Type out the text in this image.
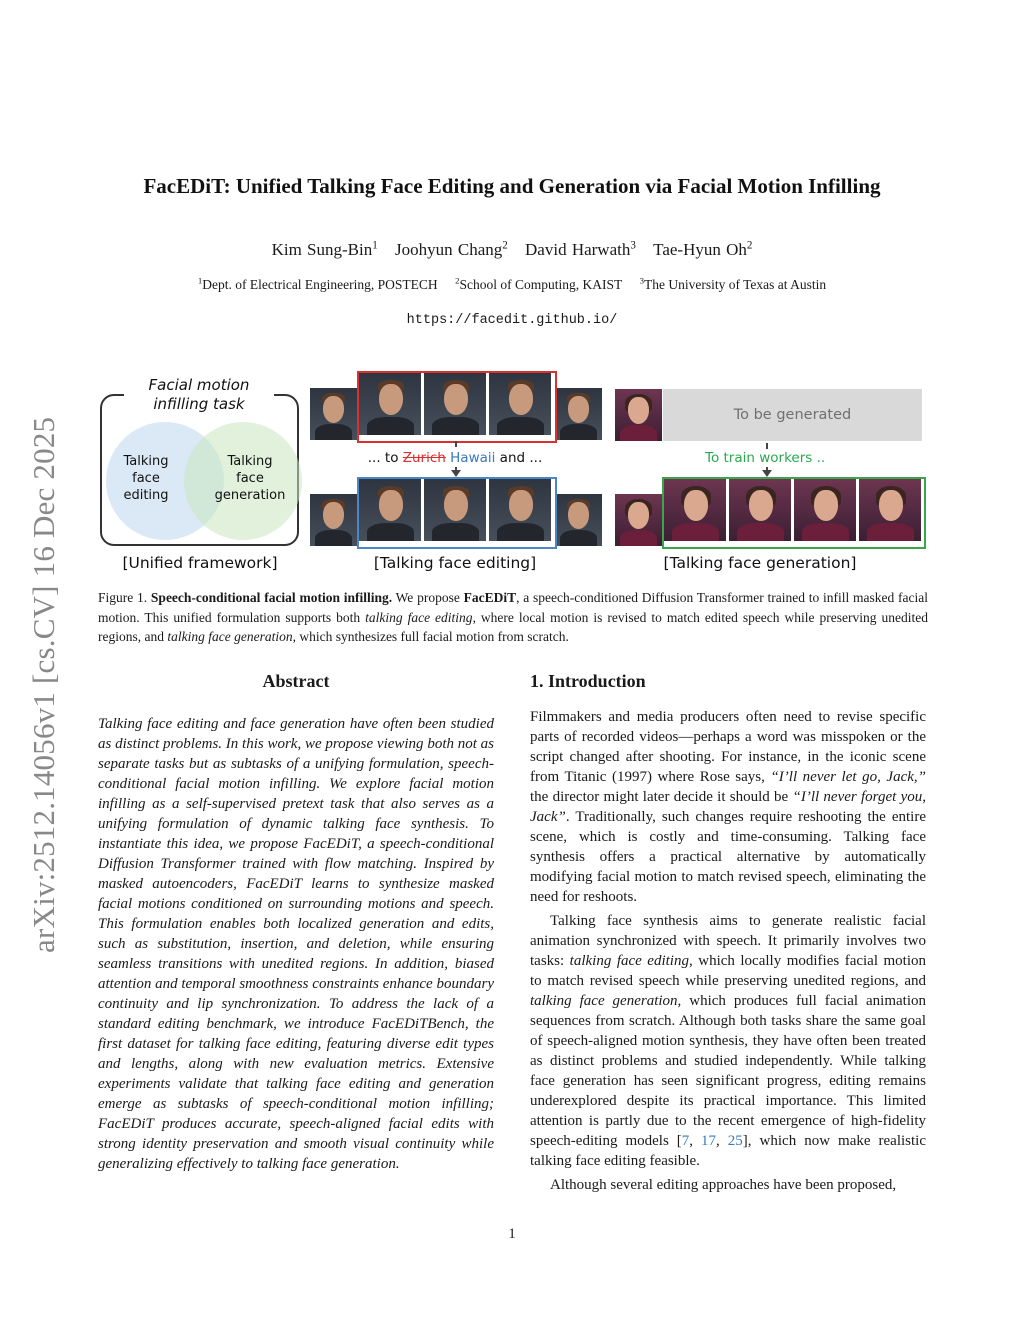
arXiv:2512.14056v1 [cs.CV] 16 Dec 2025
FacEDiT: Unified Talking Face Editing and Generation via Facial Motion Infilling
Kim Sung-Bin$^1$ Joohyun Chang$^2$ David Harwath$^3$ Tae-Hyun Oh$^2$
$^1$Dept. of Electrical Engineering, POSTECH $^2$School of Computing, KAIST $^3$The University of Texas at Austin
https://facedit.github.io/
Facial motion
infilling task
Talking
face
editing
Talking
face
generation
[Unified framework]
... to Zurich Hawaii and ...
[Talking face editing]
To be generated
To train workers ..
[Talking face generation]
Figure 1. Speech-conditional facial motion infilling. We propose FacEDiT, a speech-conditioned Diffusion Transformer trained to infill masked facial motion. This unified formulation supports both talking face editing, where local motion is revised to match edited speech while preserving unedited regions, and talking face generation, which synthesizes full facial motion from scratch.
Abstract	1. Introduction
Talking face editing and face generation have often been studied as distinct problems. In this work, we propose viewing both not as separate tasks but as subtasks of a unifying formulation, speech-conditional facial motion infilling. We explore facial motion infilling as a self-supervised pretext task that also serves as a unifying formulation of dynamic talking face synthesis. To instantiate this idea, we propose FacEDiT, a speech-conditional Diffusion Transformer trained with flow matching. Inspired by masked autoencoders, FacEDiT learns to synthesize masked facial motions conditioned on surrounding motions and speech. This formulation enables both localized generation and edits, such as substitution, insertion, and deletion, while ensuring seamless transitions with unedited regions. In addition, biased attention and temporal smoothness constraints enhance boundary continuity and lip synchronization. To address the lack of a standard editing benchmark, we introduce FacEDiTBench, the first dataset for talking face editing, featuring diverse edit types and lengths, along with new evaluation metrics. Extensive experiments validate that talking face editing and generation emerge as subtasks of speech-conditional motion infilling; FacEDiT produces accurate, speech-aligned facial edits with strong identity preservation and smooth visual continuity while generalizing effectively to talking face generation.

Filmmakers and media producers often need to revise specific parts of recorded videos—perhaps a word was misspoken or the script changed after shooting. For instance, in the iconic scene from Titanic (1997) where Rose says, “I’ll never let go, Jack,” the director might later decide it should be “I’ll never forget you, Jack”. Traditionally, such changes require reshooting the entire scene, which is costly and time-consuming. Talking face synthesis offers a practical alternative by automatically modifying facial motion to match revised speech, eliminating the need for reshoots.

Talking face synthesis aims to generate realistic facial animation synchronized with speech. It primarily involves two tasks: talking face editing, which locally modifies facial motion to match revised speech while preserving unedited regions, and talking face generation, which produces full facial animation sequences from scratch. Although both tasks share the same goal of speech-aligned motion synthesis, they have often been treated as distinct problems and studied independently. While talking face generation has seen significant progress, editing remains underexplored despite its practical importance. This limited attention is partly due to the recent emergence of high-fidelity speech-editing models [7, 17, 25], which now make realistic talking face editing feasible.

Although several editing approaches have been proposed,

1
